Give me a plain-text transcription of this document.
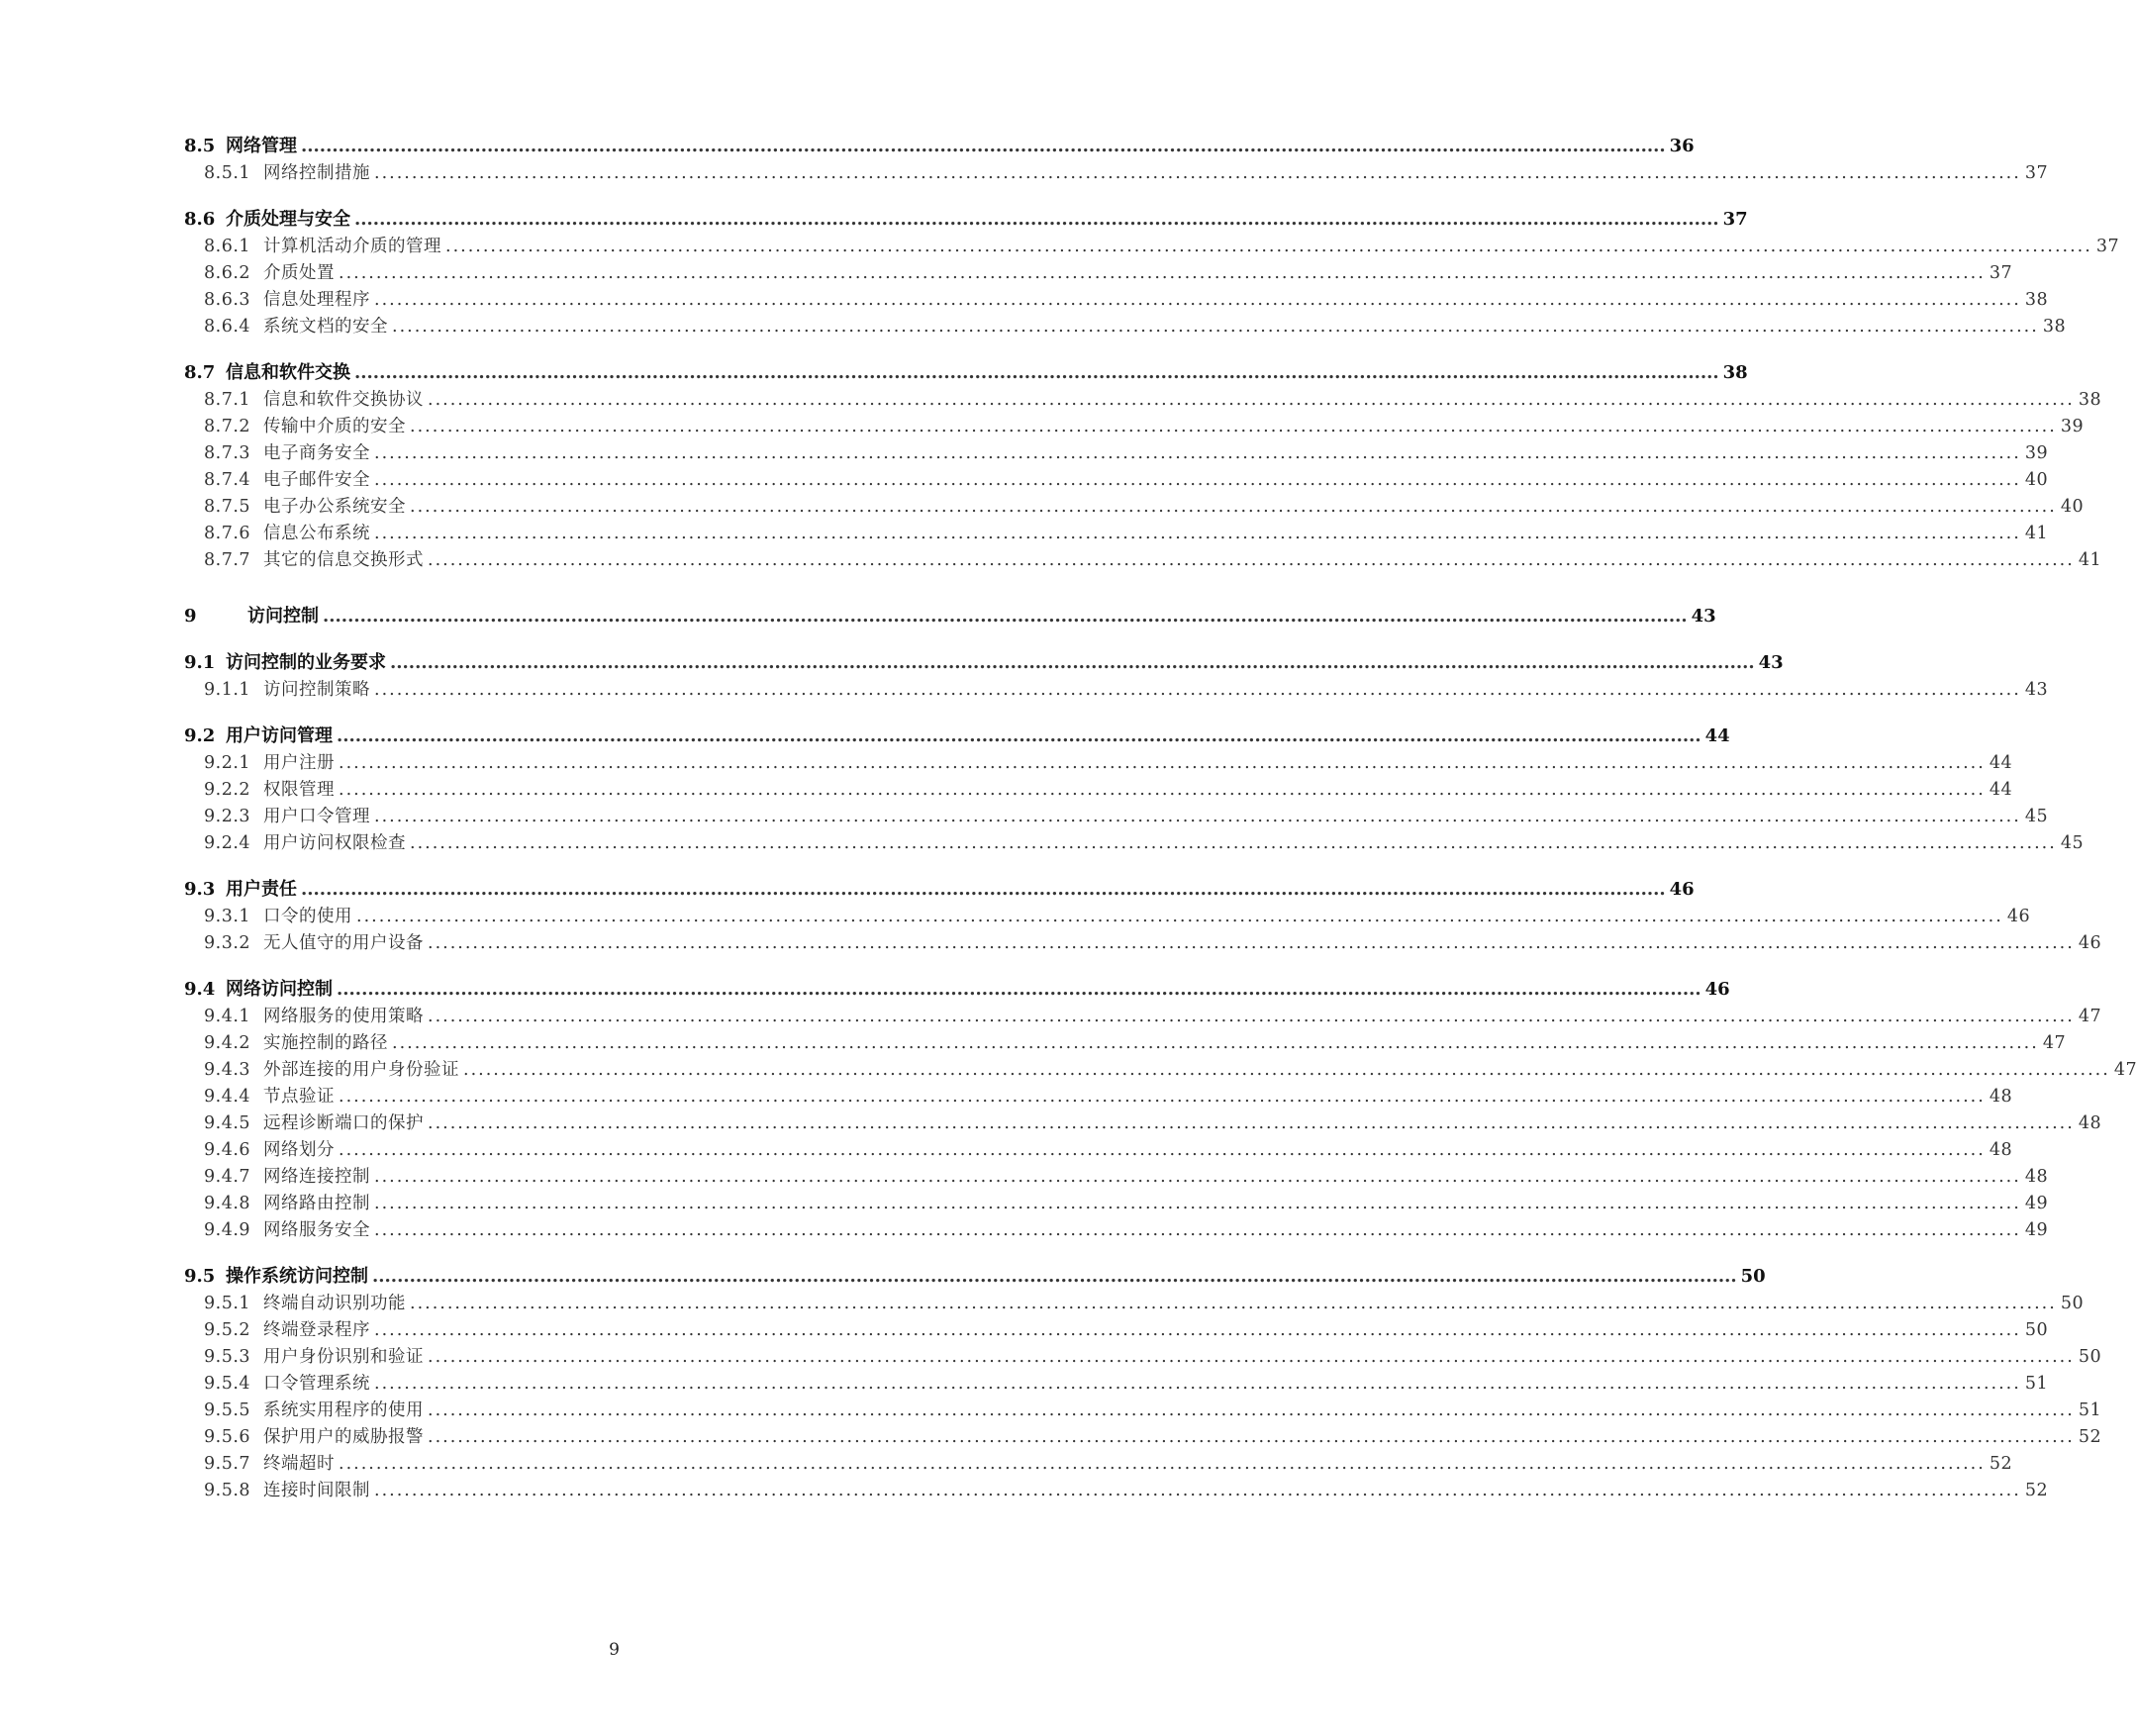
8.5 网络管理 ............................................................................................................................................................................................................................ 36
8.5.1 网络控制措施 ............................................................................................................................................................................................................................ 37
8.6 介质处理与安全 ............................................................................................................................................................................................................................ 37
8.6.1 计算机活动介质的管理 ............................................................................................................................................................................................................................ 37
8.6.2 介质处置 ............................................................................................................................................................................................................................ 37
8.6.3 信息处理程序 ............................................................................................................................................................................................................................ 38
8.6.4 系统文档的安全 ............................................................................................................................................................................................................................ 38
8.7 信息和软件交换 ............................................................................................................................................................................................................................ 38
8.7.1 信息和软件交换协议 ............................................................................................................................................................................................................................ 38
8.7.2 传输中介质的安全 ............................................................................................................................................................................................................................ 39
8.7.3 电子商务安全 ............................................................................................................................................................................................................................ 39
8.7.4 电子邮件安全 ............................................................................................................................................................................................................................ 40
8.7.5 电子办公系统安全 ............................................................................................................................................................................................................................ 40
8.7.6 信息公布系统 ............................................................................................................................................................................................................................ 41
8.7.7 其它的信息交换形式 ............................................................................................................................................................................................................................ 41
9	访问控制 ............................................................................................................................................................................................................................ 43
9.1 访问控制的业务要求 ............................................................................................................................................................................................................................ 43
9.1.1 访问控制策略 ............................................................................................................................................................................................................................ 43
9.2 用户访问管理 ............................................................................................................................................................................................................................ 44
9.2.1 用户注册 ............................................................................................................................................................................................................................ 44
9.2.2 权限管理 ............................................................................................................................................................................................................................ 44
9.2.3 用户口令管理 ............................................................................................................................................................................................................................ 45
9.2.4 用户访问权限检查 ............................................................................................................................................................................................................................ 45
9.3 用户责任 ............................................................................................................................................................................................................................ 46
9.3.1 口令的使用 ............................................................................................................................................................................................................................ 46
9.3.2 无人值守的用户设备 ............................................................................................................................................................................................................................ 46
9.4 网络访问控制 ............................................................................................................................................................................................................................ 46
9.4.1 网络服务的使用策略 ............................................................................................................................................................................................................................ 47
9.4.2 实施控制的路径 ............................................................................................................................................................................................................................ 47
9.4.3 外部连接的用户身份验证 ............................................................................................................................................................................................................................ 47
9.4.4 节点验证 ............................................................................................................................................................................................................................ 48
9.4.5 远程诊断端口的保护 ............................................................................................................................................................................................................................ 48
9.4.6 网络划分 ............................................................................................................................................................................................................................ 48
9.4.7 网络连接控制 ............................................................................................................................................................................................................................ 48
9.4.8 网络路由控制 ............................................................................................................................................................................................................................ 49
9.4.9 网络服务安全 ............................................................................................................................................................................................................................ 49
9.5 操作系统访问控制 ............................................................................................................................................................................................................................ 50
9.5.1 终端自动识别功能 ............................................................................................................................................................................................................................ 50
9.5.2 终端登录程序 ............................................................................................................................................................................................................................ 50
9.5.3 用户身份识别和验证 ............................................................................................................................................................................................................................ 50
9.5.4 口令管理系统 ............................................................................................................................................................................................................................ 51
9.5.5 系统实用程序的使用 ............................................................................................................................................................................................................................ 51
9.5.6 保护用户的威胁报警 ............................................................................................................................................................................................................................ 52
9.5.7 终端超时 ............................................................................................................................................................................................................................ 52
9.5.8 连接时间限制 ............................................................................................................................................................................................................................ 52
9
